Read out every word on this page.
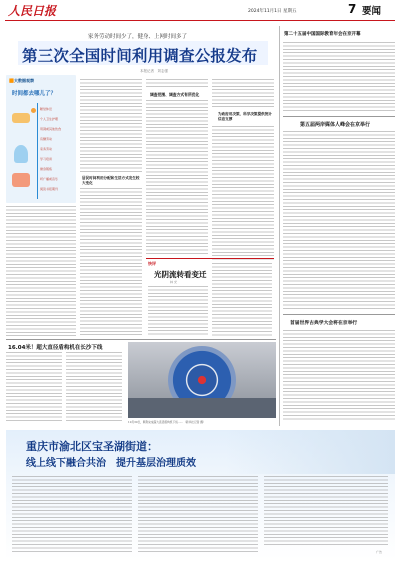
人民日报	2024年11月1日 星期五	7 要闻
家务劳动时间少了，健身、上网时间多了
第三次全国时间利用调查公报发布
本报记者　刘志强
🟧大数据观察
时间都去哪儿了？
睡觉休息
个人卫生护理
用餐或其他饮食
有酬劳动
家务劳动
学习培训
健身锻炼
听广播或音乐
阅读书报期刊
居民时间利用分配和生活方式发生较大变化
调查范围、调查方式有所优化
为政府用决策、科学决策提供统计信息支撑
快评
光阴流转看变迁
林 光
16.04米！超大直径盾构机在长沙下线
10月30日，顺利完成超大直径盾构机下线……（新华社记者 摄）
第二十五届中国国际教育年会在京开幕
第五届两岸媒体人峰会在京举行
首届世界古典学大会将在京举行
重庆市渝北区宝圣湖街道：
线上线下融合共治　提升基层治理质效
广告
